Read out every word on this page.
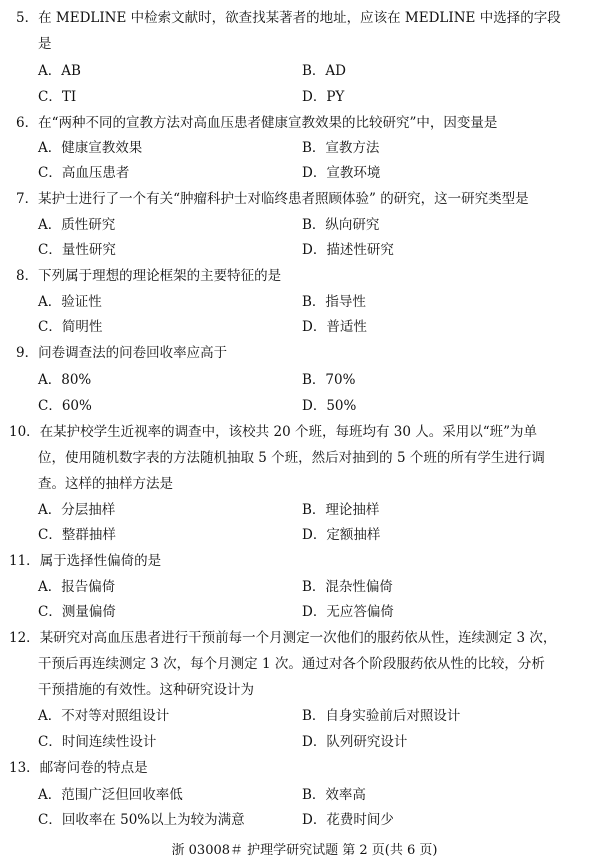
5．在 MEDLINE 中检索文献时，欲查找某著者的地址，应该在 MEDLINE 中选择的字段
是
A．AB	B．AD
C．TI	D．PY
6．在“两种不同的宣教方法对高血压患者健康宣教效果的比较研究”中，因变量是
A．健康宣教效果	B．宣教方法
C．高血压患者	D．宣教环境
7．某护士进行了一个有关“肿瘤科护士对临终患者照顾体验” 的研究，这一研究类型是
A．质性研究	B．纵向研究
C．量性研究	D．描述性研究
8．下列属于理想的理论框架的主要特征的是
A．验证性	B．指导性
C．简明性	D．普适性
9．问卷调查法的问卷回收率应高于
A．80%	B．70%
C．60%	D．50%
10．在某护校学生近视率的调查中，该校共 20 个班，每班均有 30 人。采用以“班”为单
位，使用随机数字表的方法随机抽取 5 个班，然后对抽到的 5 个班的所有学生进行调
查。这样的抽样方法是
A．分层抽样	B．理论抽样
C．整群抽样	D．定额抽样
11．属于选择性偏倚的是
A．报告偏倚	B．混杂性偏倚
C．测量偏倚	D．无应答偏倚
12．某研究对高血压患者进行干预前每一个月测定一次他们的服药依从性，连续测定 3 次，
干预后再连续测定 3 次，每个月测定 1 次。通过对各个阶段服药依从性的比较，分析
干预措施的有效性。这种研究设计为
A．不对等对照组设计	B．自身实验前后对照设计
C．时间连续性设计	D．队列研究设计
13．邮寄问卷的特点是
A．范围广泛但回收率低	B．效率高
C．回收率在 50%以上为较为满意	D．花费时间少
浙 03008＃ 护理学研究试题 第 2 页(共 6 页)
